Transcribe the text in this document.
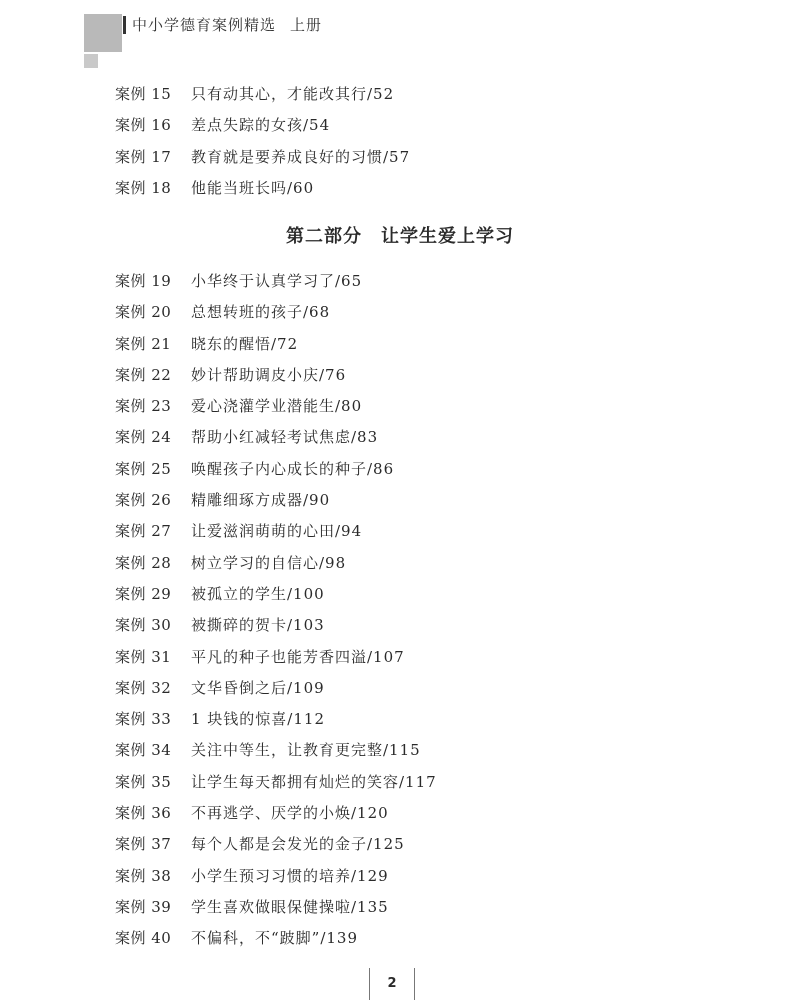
中小学德育案例精选 上册
案例 15 只有动其心，才能改其行/52
案例 16 差点失踪的女孩/54
案例 17 教育就是要养成良好的习惯/57
案例 18 他能当班长吗/60
第二部分　让学生爱上学习
案例 19 小华终于认真学习了/65
案例 20 总想转班的孩子/68
案例 21 晓东的醒悟/72
案例 22 妙计帮助调皮小庆/76
案例 23 爱心浇灌学业潜能生/80
案例 24 帮助小红减轻考试焦虑/83
案例 25 唤醒孩子内心成长的种子/86
案例 26 精雕细琢方成器/90
案例 27 让爱滋润萌萌的心田/94
案例 28 树立学习的自信心/98
案例 29 被孤立的学生/100
案例 30 被撕碎的贺卡/103
案例 31 平凡的种子也能芳香四溢/107
案例 32 文华昏倒之后/109
案例 33 1 块钱的惊喜/112
案例 34 关注中等生，让教育更完整/115
案例 35 让学生每天都拥有灿烂的笑容/117
案例 36 不再逃学、厌学的小焕/120
案例 37 每个人都是会发光的金子/125
案例 38 小学生预习习惯的培养/129
案例 39 学生喜欢做眼保健操啦/135
案例 40 不偏科，不“跛脚”/139
2
